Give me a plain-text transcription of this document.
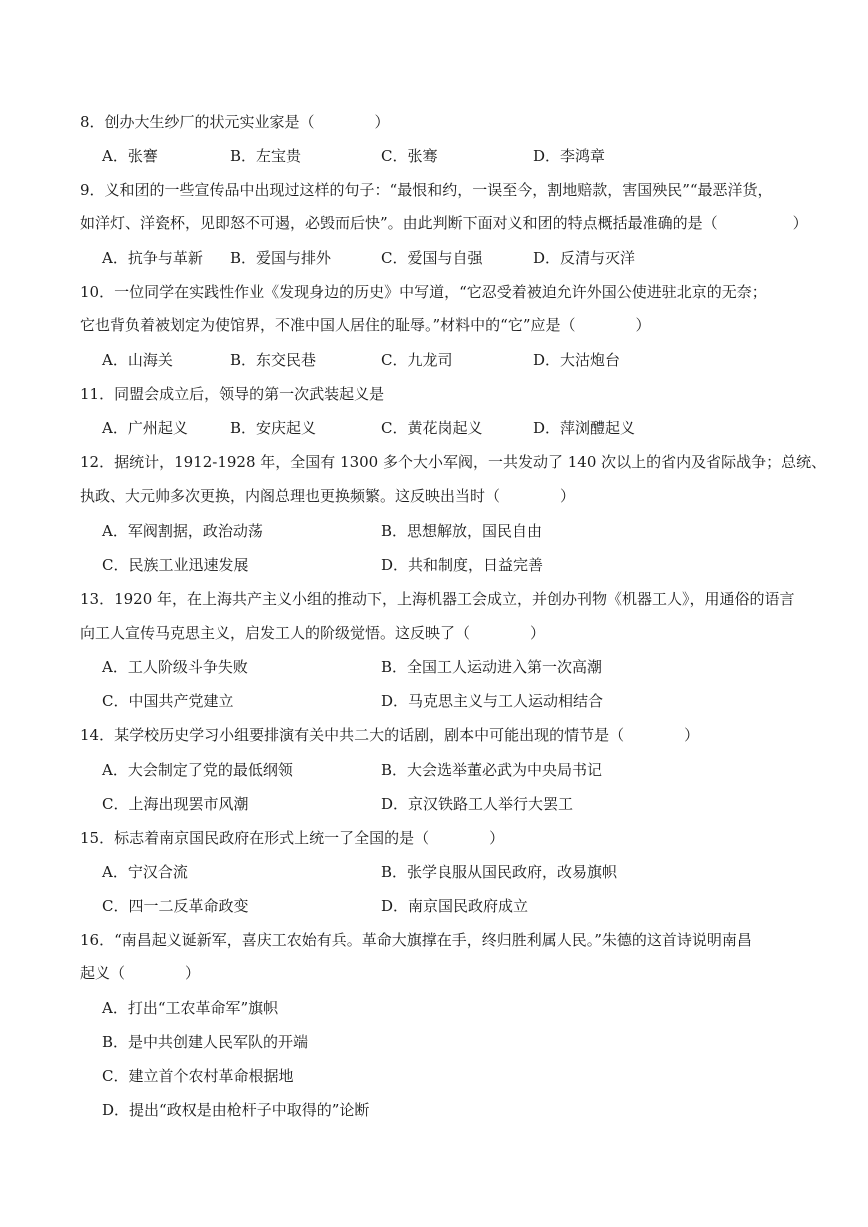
8．创办大生纱厂的状元实业家是（　　　　）
A．张謇	B．左宝贵	C．张骞	D．李鸿章
9．义和团的一些宣传品中出现过这样的句子：“最恨和约，一误至今，割地赔款，害国殃民”“最恶洋货，
如洋灯、洋瓷杯，见即怒不可遏，必毁而后快”。由此判断下面对义和团的特点概括最准确的是（　　　　　）
A．抗争与革新 B．爱国与排外	C．爱国与自强	D．反清与灭洋
10．一位同学在实践性作业《发现身边的历史》中写道，“它忍受着被迫允许外国公使进驻北京的无奈；
它也背负着被划定为使馆界，不准中国人居住的耻辱。”材料中的“它”应是（　　　　）
A．山海关	B．东交民巷	C．九龙司	D．大沽炮台
11．同盟会成立后，领导的第一次武装起义是
A．广州起义	B．安庆起义	C．黄花岗起义	D．萍浏醴起义
12．据统计，1912-1928 年，全国有 1300 多个大小军阀，一共发动了 140 次以上的省内及省际战争；总统、
执政、大元帅多次更换，内阁总理也更换频繁。这反映出当时（　　　　）
A．军阀割据，政治动荡	B．思想解放，国民自由
C．民族工业迅速发展	D．共和制度，日益完善
13．1920 年，在上海共产主义小组的推动下，上海机器工会成立，并创办刊物《机器工人》，用通俗的语言
向工人宣传马克思主义，启发工人的阶级觉悟。这反映了（　　　　）
A．工人阶级斗争失败	B．全国工人运动进入第一次高潮
C．中国共产党建立	D．马克思主义与工人运动相结合
14．某学校历史学习小组要排演有关中共二大的话剧，剧本中可能出现的情节是（　　　　）
A．大会制定了党的最低纲领	B．大会选举董必武为中央局书记
C．上海出现罢市风潮	D．京汉铁路工人举行大罢工
15．标志着南京国民政府在形式上统一了全国的是（　　　　）
A．宁汉合流	B．张学良服从国民政府，改易旗帜
C．四一二反革命政变	D．南京国民政府成立
16．“南昌起义诞新军，喜庆工农始有兵。革命大旗撑在手，终归胜利属人民。”朱德的这首诗说明南昌
起义（　　　　）
A．打出“工农革命军”旗帜
B．是中共创建人民军队的开端
C．建立首个农村革命根据地
D．提出“政权是由枪杆子中取得的”论断
